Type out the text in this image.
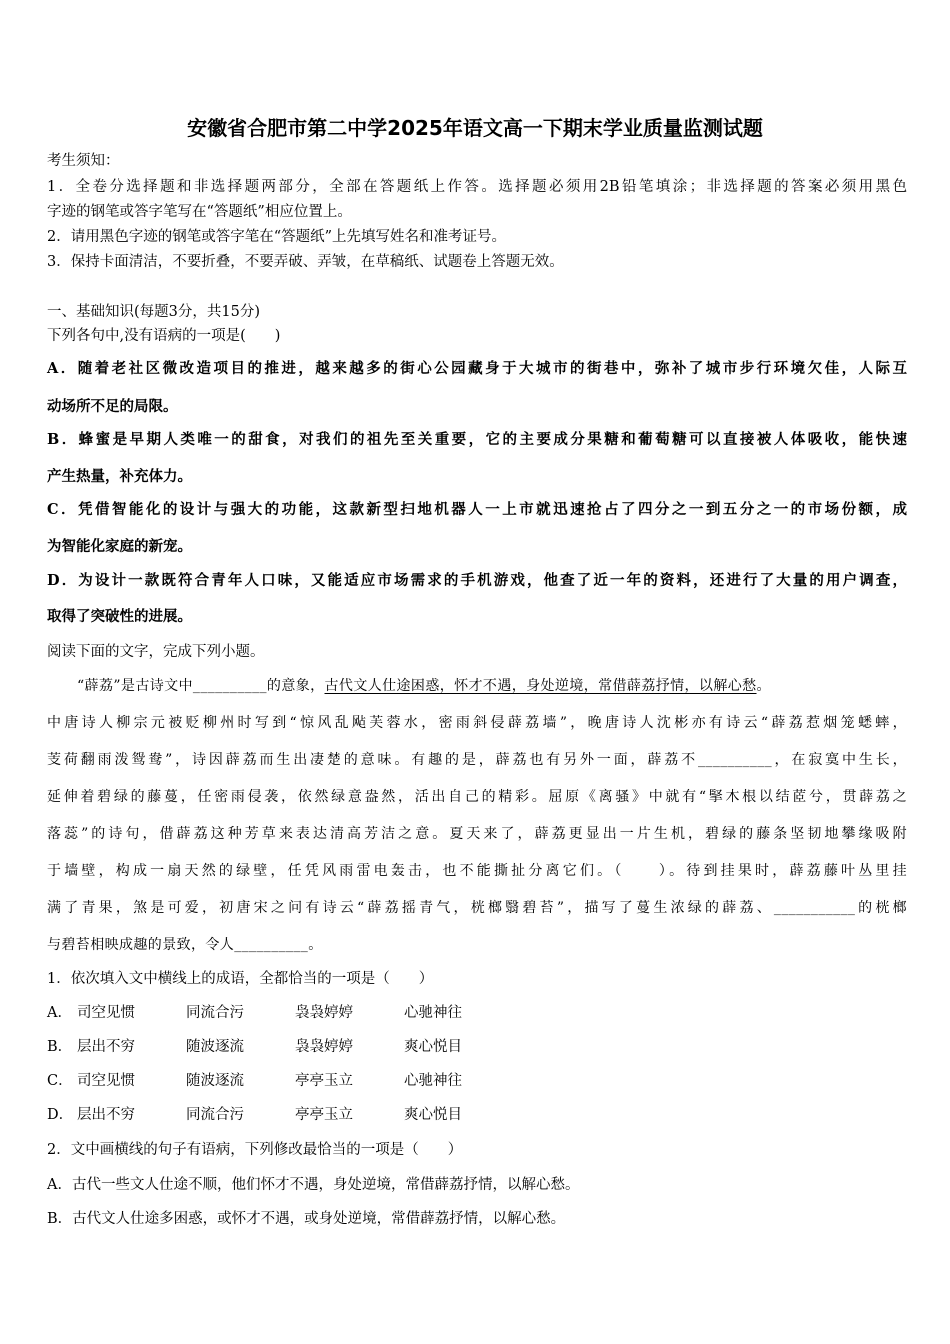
安徽省合肥市第二中学2025年语文高一下期末学业质量监测试题
考生须知：
1．全卷分选择题和非选择题两部分，全部在答题纸上作答。选择题必须用2B铅笔填涂；非选择题的答案必须用黑色
字迹的钢笔或答字笔写在“答题纸”相应位置上。
2．请用黑色字迹的钢笔或答字笔在“答题纸”上先填写姓名和准考证号。
3．保持卡面清洁，不要折叠，不要弄破、弄皱，在草稿纸、试题卷上答题无效。
一、基础知识(每题3分，共15分)
下列各句中,没有语病的一项是(　　)
A．随着老社区微改造项目的推进，越来越多的街心公园藏身于大城市的街巷中，弥补了城市步行环境欠佳，人际互
动场所不足的局限。
B．蜂蜜是早期人类唯一的甜食，对我们的祖先至关重要，它的主要成分果糖和葡萄糖可以直接被人体吸收，能快速
产生热量，补充体力。
C．凭借智能化的设计与强大的功能，这款新型扫地机器人一上市就迅速抢占了四分之一到五分之一的市场份额，成
为智能化家庭的新宠。
D．为设计一款既符合青年人口味，又能适应市场需求的手机游戏，他查了近一年的资料，还进行了大量的用户调查，
取得了突破性的进展。
阅读下面的文字，完成下列小题。
“薜荔”是古诗文中__________的意象，古代文人仕途困惑，怀才不遇，身处逆境，常借薜荔抒情，以解心愁。
中唐诗人柳宗元被贬柳州时写到“惊风乱飐芙蓉水，密雨斜侵薜荔墙”，晚唐诗人沈彬亦有诗云“薜荔惹烟笼蟋蟀，
芰荷翻雨泼鸳鸯”，诗因薜荔而生出凄楚的意味。有趣的是，薜荔也有另外一面，薜荔不__________，在寂寞中生长，
延伸着碧绿的藤蔓，任密雨侵袭，依然绿意盎然，活出自己的精彩。屈原《离骚》中就有“掔木根以结茝兮，贯薜荔之
落蕊”的诗句，借薜荔这种芳草来表达清高芳洁之意。夏天来了，薜荔更显出一片生机，碧绿的藤条坚韧地攀缘吸附
于墙壁，构成一扇天然的绿壁，任凭风雨雷电轰击，也不能撕扯分离它们。（　　）。待到挂果时，薜荔藤叶丛里挂
满了青果，煞是可爱，初唐宋之问有诗云“薜荔摇青气，桄榔翳碧苔”，描写了蔓生浓绿的薜荔、___________的桄榔
与碧苔相映成趣的景致，令人__________。
1．依次填入文中横线上的成语，全都恰当的一项是（　　）
A． 司空见惯	同流合污	袅袅婷婷	心驰神往
B． 层出不穷	随波逐流	袅袅婷婷	爽心悦目
C． 司空见惯	随波逐流	亭亭玉立	心驰神往
D． 层出不穷	同流合污	亭亭玉立	爽心悦目
2．文中画横线的句子有语病，下列修改最恰当的一项是（　　）
A．古代一些文人仕途不顺，他们怀才不遇，身处逆境，常借薜荔抒情，以解心愁。
B．古代文人仕途多困惑，或怀才不遇，或身处逆境，常借薜荔抒情，以解心愁。
